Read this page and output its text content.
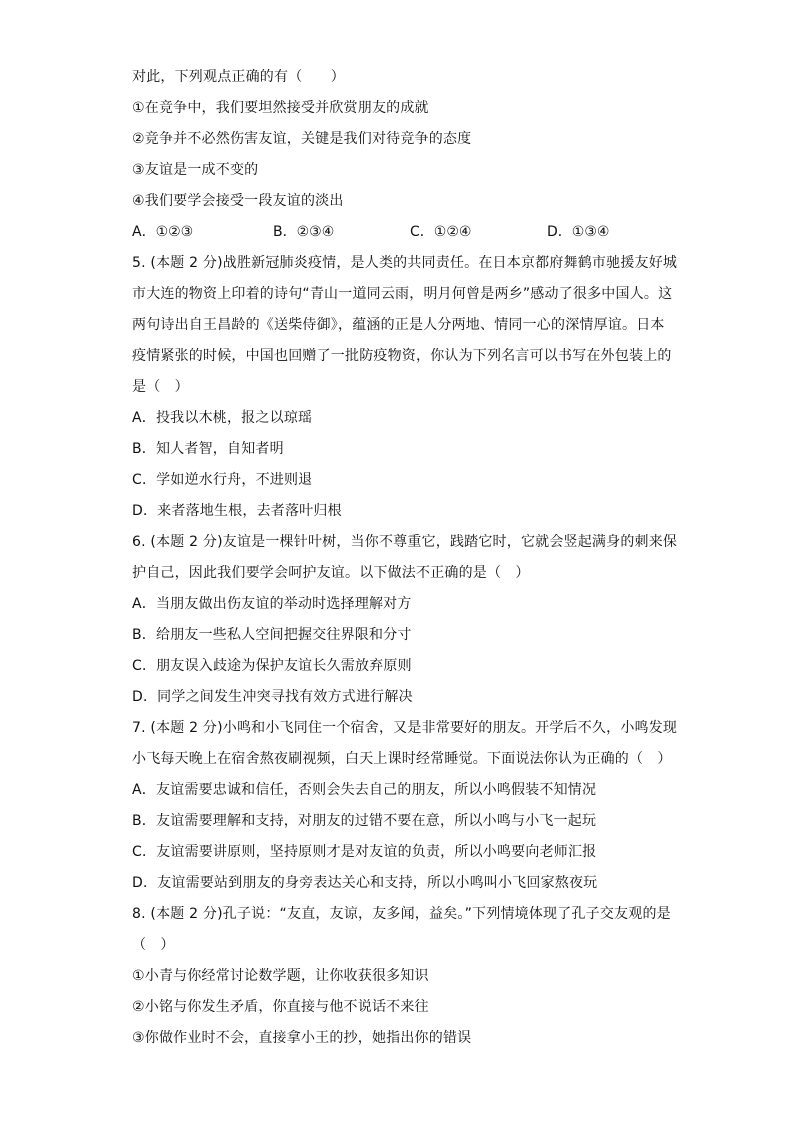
对此，下列观点正确的有（　　）
①在竞争中，我们要坦然接受并欣赏朋友的成就
②竞争并不必然伤害友谊，关键是我们对待竞争的态度
③友谊是一成不变的
④我们要学会接受一段友谊的淡出
A．①②③	B．②③④	C．①②④	D．①③④
5. (本题 2 分)战胜新冠肺炎疫情，是人类的共同责任。在日本京都府舞鹤市驰援友好城
市大连的物资上印着的诗句“青山一道同云雨，明月何曾是两乡”感动了很多中国人。这
两句诗出自王昌龄的《送柴侍御》，蕴涵的正是人分两地、情同一心的深情厚谊。日本
疫情紧张的时候，中国也回赠了一批防疫物资，你认为下列名言可以书写在外包装上的
是（　）
A．投我以木桃，报之以琼瑶
B．知人者智，自知者明
C．学如逆水行舟，不进则退
D．来者落地生根，去者落叶归根
6. (本题 2 分)友谊是一棵针叶树，当你不尊重它，践踏它时，它就会竖起满身的刺来保
护自己，因此我们要学会呵护友谊。以下做法不正确的是（　）
A．当朋友做出伤友谊的举动时选择理解对方
B．给朋友一些私人空间把握交往界限和分寸
C．朋友误入歧途为保护友谊长久需放弃原则
D．同学之间发生冲突寻找有效方式进行解决
7. (本题 2 分)小鸣和小飞同住一个宿舍，又是非常要好的朋友。开学后不久，小鸣发现
小飞每天晚上在宿舍熬夜刷视频，白天上课时经常睡觉。下面说法你认为正确的（　）
A．友谊需要忠诚和信任，否则会失去自己的朋友，所以小鸣假装不知情况
B．友谊需要理解和支持，对朋友的过错不要在意，所以小鸣与小飞一起玩
C．友谊需要讲原则，坚持原则才是对友谊的负责，所以小鸣要向老师汇报
D．友谊需要站到朋友的身旁表达关心和支持，所以小鸣叫小飞回家熬夜玩
8. (本题 2 分)孔子说：“友直，友谅，友多闻，益矣。”下列情境体现了孔子交友观的是
（　）
①小青与你经常讨论数学题，让你收获很多知识
②小铭与你发生矛盾，你直接与他不说话不来往
③你做作业时不会，直接拿小王的抄，她指出你的错误
